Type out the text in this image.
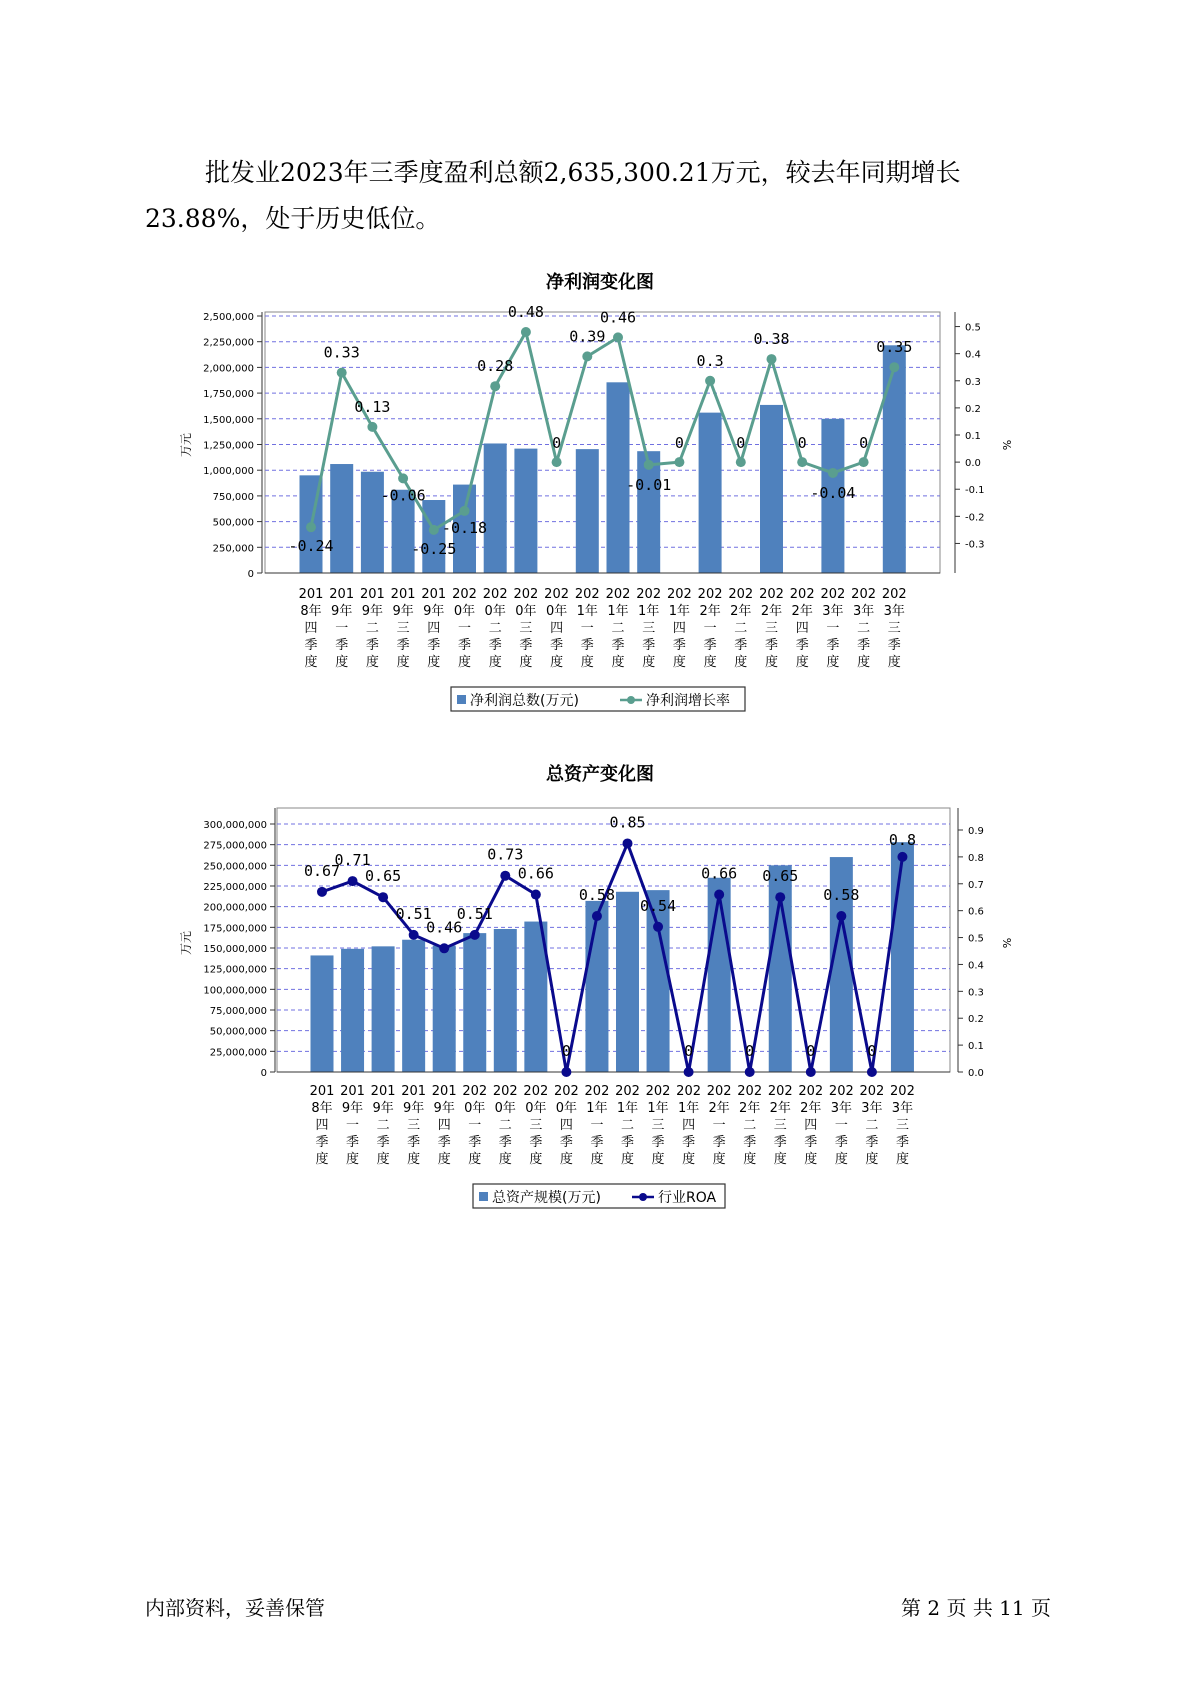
批发业2023年三季度盈利总额2,635,300.21万元，较去年同期增长23.88%，处于历史低位。
净利润变化图
0
250,000
500,000
750,000
1,000,000
1,250,000
1,500,000
1,750,000
2,000,000
2,250,000
2,500,000
-0.3
-0.2
-0.1
0.0
0.1
0.2
0.3
0.4
0.5
万元	%
-0.24
0.33
0.13
-0.06
-0.25
-0.18
0.28
0.48
0
0.39
0.46
-0.01
0
0.3
0
0.38
0
-0.04
0
0.35
201 8年四季度
201 9年一季度
201 9年二季度
201 9年三季度
201 9年四季度
202 0年一季度
202 0年二季度
202 0年三季度
202 0年四季度
202 1年一季度
202 1年二季度
202 1年三季度
202 1年四季度
202 2年一季度
202 2年二季度
202 2年三季度
202 2年四季度
202 3年一季度
202 3年二季度
202 3年三季度
净利润总数(万元)	净利润增长率
总资产变化图
0
25,000,000
50,000,000
75,000,000
100,000,000
125,000,000
150,000,000
175,000,000
200,000,000
225,000,000
250,000,000
275,000,000
300,000,000
0.0
0.1
0.2
0.3
0.4
0.5
0.6
0.7
0.8
0.9
万元	%
0.67
0.71
0.65
0.51
0.46
0.51
0.73
0.66
0
0.58
0.85
0.54
0
0.66
0
0.65
0
0.58
0
0.8
201 8年四季度
201 9年一季度
201 9年二季度
201 9年三季度
201 9年四季度
202 0年一季度
202 0年二季度
202 0年三季度
202 0年四季度
202 1年一季度
202 1年二季度
202 1年三季度
202 1年四季度
202 2年一季度
202 2年二季度
202 2年三季度
202 2年四季度
202 3年一季度
202 3年二季度
202 3年三季度
总资产规模(万元)	行业ROA
内部资料，妥善保管	第 2 页 共 11 页
